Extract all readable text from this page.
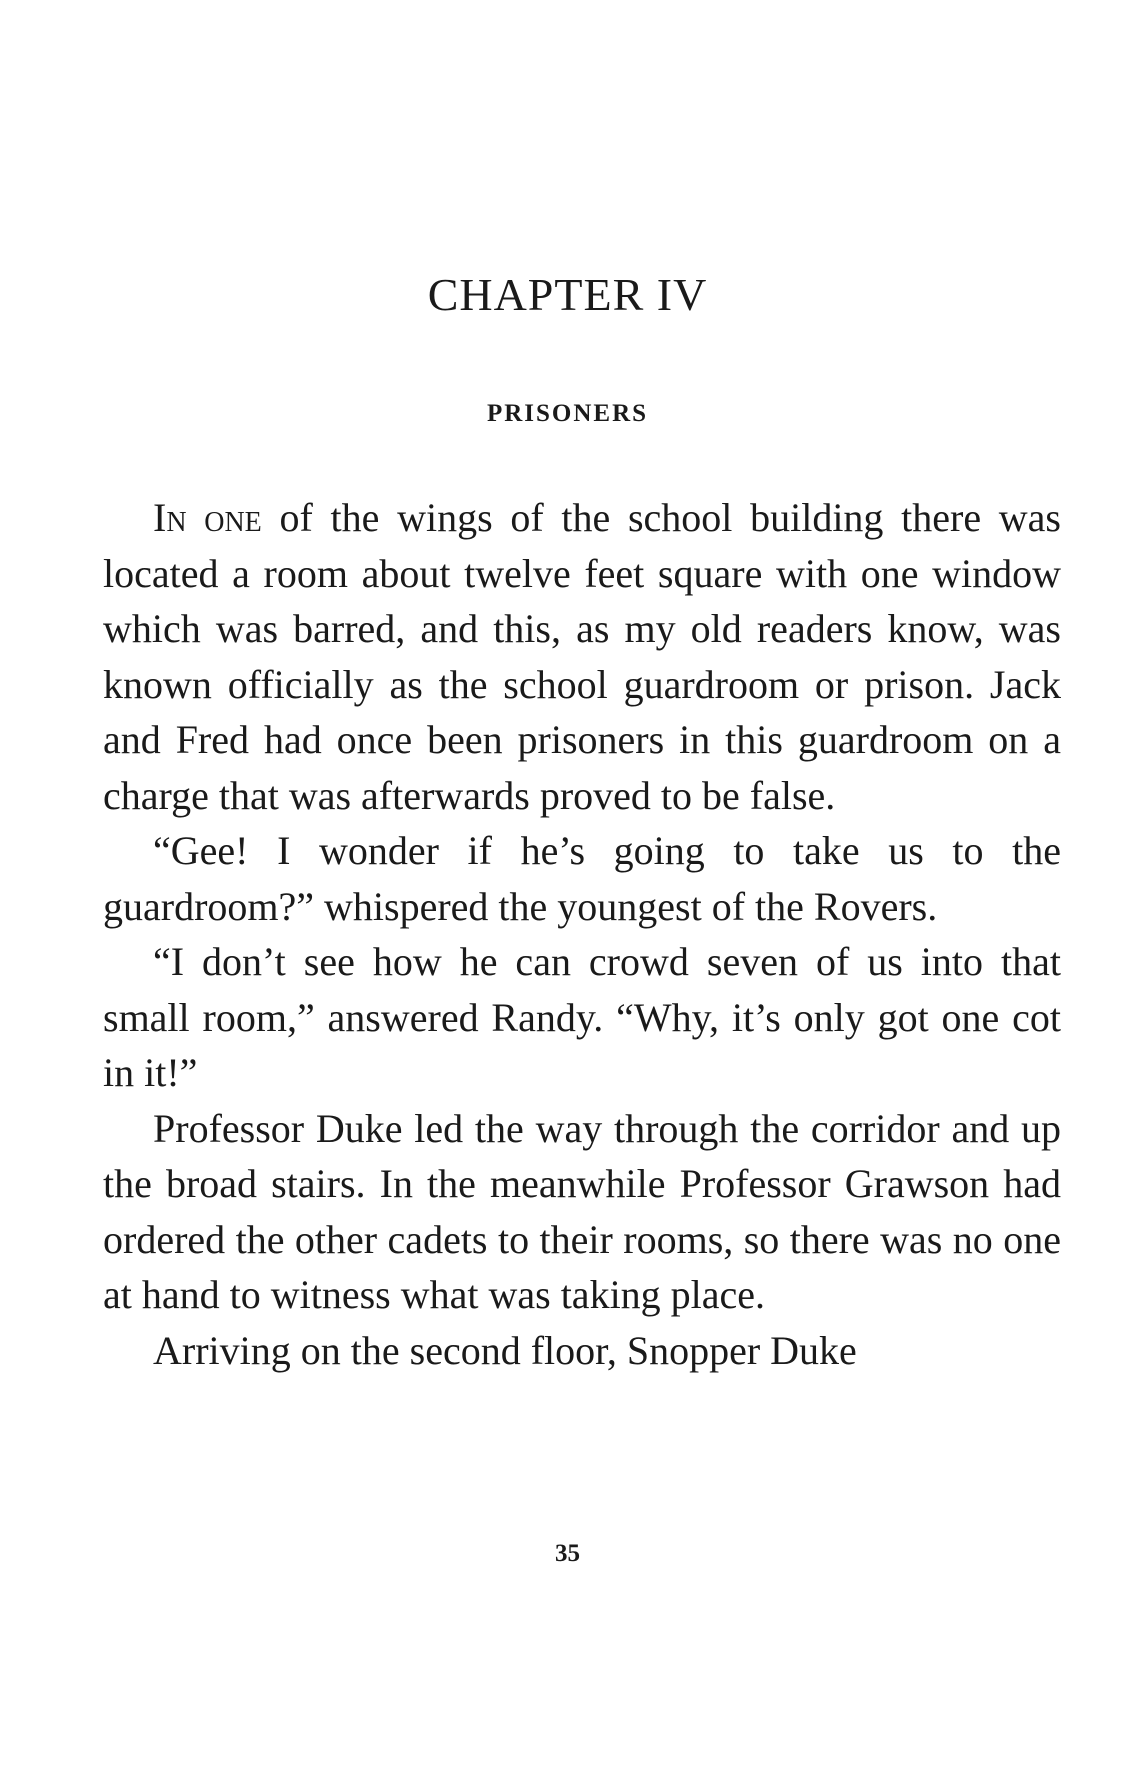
CHAPTER IV
PRISONERS

In one of the wings of the school building there was located a room about twelve feet square with one window which was barred, and this, as my old readers know, was known officially as the school guardroom or prison. Jack and Fred had once been prisoners in this guardroom on a charge that was afterwards proved to be false.

“Gee! I wonder if he’s going to take us to the guardroom?” whispered the youngest of the Rovers.

“I don’t see how he can crowd seven of us into that small room,” answered Randy. “Why, it’s only got one cot in it!”

Professor Duke led the way through the corridor and up the broad stairs. In the meanwhile Professor Grawson had ordered the other cadets to their rooms, so there was no one at hand to witness what was taking place.

Arriving on the second floor, Snopper Duke

35
